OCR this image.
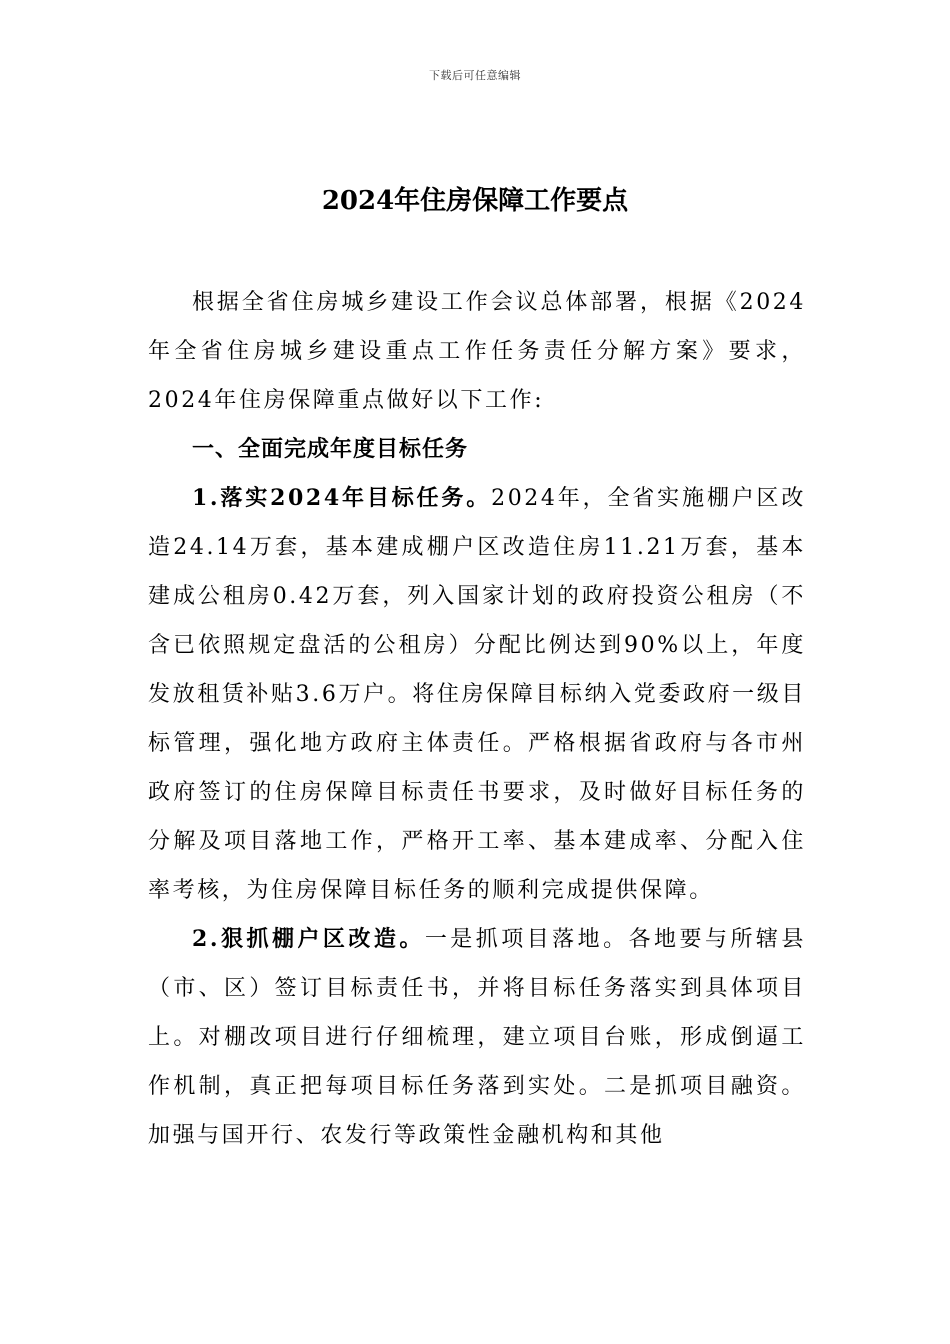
下载后可任意编辑
2024年住房保障工作要点

根据全省住房城乡建设工作会议总体部署，根据《2024年全省住房城乡建设重点工作任务责任分解方案》要求，2024年住房保障重点做好以下工作:

一、全面完成年度目标任务

1.落实2024年目标任务。2024年，全省实施棚户区改造24.14万套，基本建成棚户区改造住房11.21万套，基本建成公租房0.42万套，列入国家计划的政府投资公租房（不含已依照规定盘活的公租房）分配比例达到90%以上，年度发放租赁补贴3.6万户。将住房保障目标纳入党委政府一级目标管理，强化地方政府主体责任。严格根据省政府与各市州政府签订的住房保障目标责任书要求，及时做好目标任务的分解及项目落地工作，严格开工率、基本建成率、分配入住率考核，为住房保障目标任务的顺利完成提供保障。

2.狠抓棚户区改造。一是抓项目落地。各地要与所辖县（市、区）签订目标责任书，并将目标任务落实到具体项目上。对棚改项目进行仔细梳理，建立项目台账，形成倒逼工作机制，真正把每项目标任务落到实处。二是抓项目融资。加强与国开行、农发行等政策性金融机构和其他
